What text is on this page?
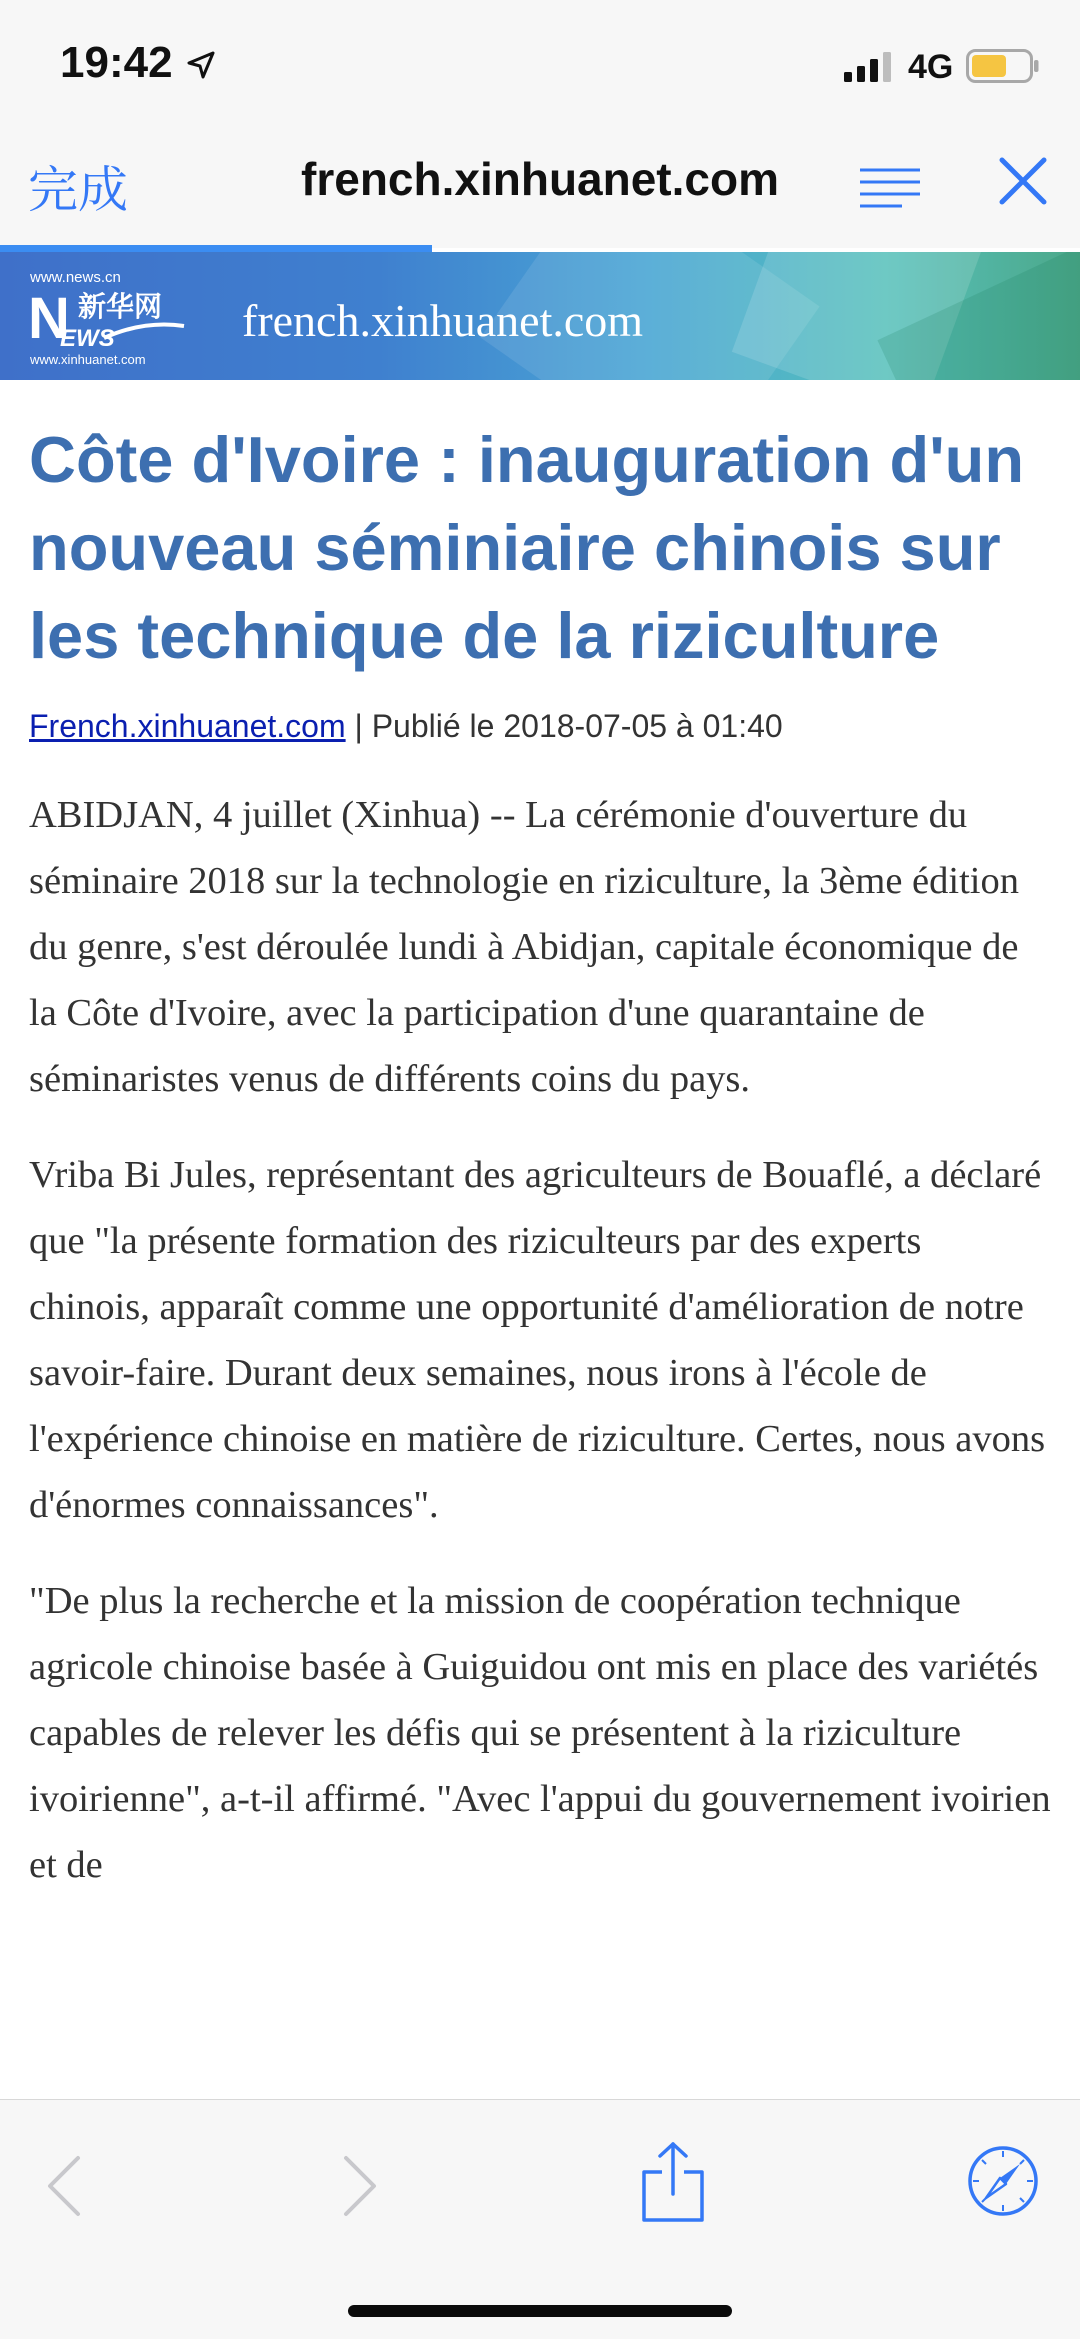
19:42	4G
french.xinhuanet.com
完成
www.news.cn
N 新华网
EWS
www.xinhuanet.com
french.xinhuanet.com
Côte d'Ivoire : inauguration d'un nouveau séminiaire chinois sur les technique de la riziculture
French.xinhuanet.com | Publié le 2018-07-05 à 01:40

ABIDJAN, 4 juillet (Xinhua) -- La cérémonie d'ouverture du séminaire 2018 sur la technologie en riziculture, la 3ème édition du genre, s'est déroulée lundi à Abidjan, capitale économique de la Côte d'Ivoire, avec la participation d'une quarantaine de séminaristes venus de différents coins du pays.

Vriba Bi Jules, représentant des agriculteurs de Bouaflé, a déclaré que "la présente formation des riziculteurs par des experts chinois, apparaît comme une opportunité d'amélioration de notre savoir-faire. Durant deux semaines, nous irons à l'école de l'expérience chinoise en matière de riziculture. Certes, nous avons d'énormes connaissances".

"De plus la recherche et la mission de coopération technique agricole chinoise basée à Guiguidou ont mis en place des variétés capables de relever les défis qui se présentent à la riziculture ivoirienne", a-t-il affirmé. "Avec l'appui du gouvernement ivoirien et de
